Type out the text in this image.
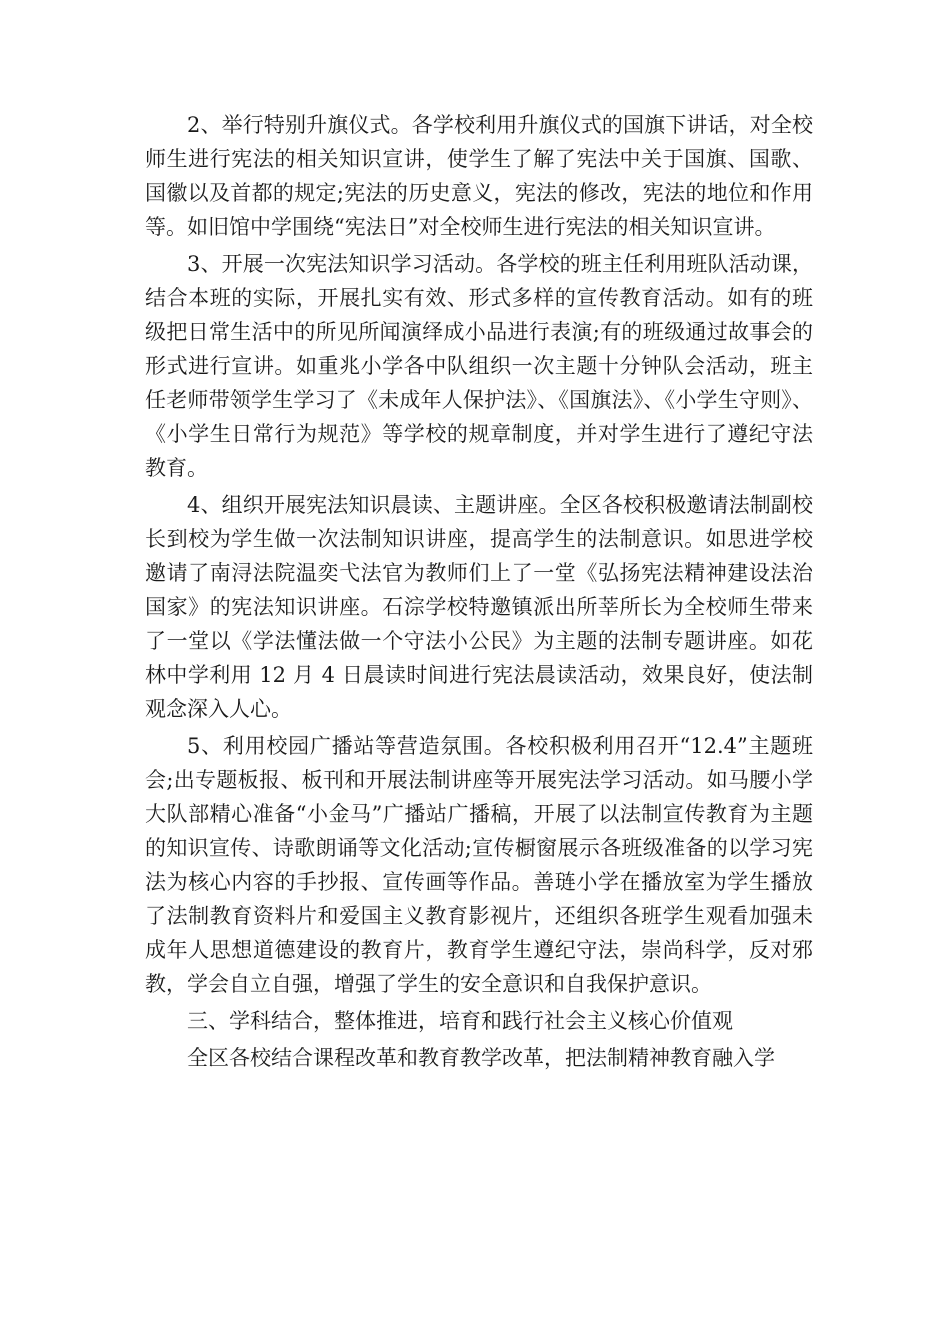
2、举行特别升旗仪式。各学校利用升旗仪式的国旗下讲话，对全校师生进行宪法的相关知识宣讲，使学生了解了宪法中关于国旗、国歌、国徽以及首都的规定;宪法的历史意义，宪法的修改，宪法的地位和作用等。如旧馆中学围绕“宪法日”对全校师生进行宪法的相关知识宣讲。

3、开展一次宪法知识学习活动。各学校的班主任利用班队活动课，结合本班的实际，开展扎实有效、形式多样的宣传教育活动。如有的班级把日常生活中的所见所闻演绎成小品进行表演;有的班级通过故事会的形式进行宣讲。如重兆小学各中队组织一次主题十分钟队会活动，班主任老师带领学生学习了《未成年人保护法》、《国旗法》、《小学生守则》、《小学生日常行为规范》等学校的规章制度，并对学生进行了遵纪守法教育。

4、组织开展宪法知识晨读、主题讲座。全区各校积极邀请法制副校长到校为学生做一次法制知识讲座，提高学生的法制意识。如思进学校邀请了南浔法院温奕弋法官为教师们上了一堂《弘扬宪法精神建设法治国家》的宪法知识讲座。石淙学校特邀镇派出所莘所长为全校师生带来了一堂以《学法懂法做一个守法小公民》为主题的法制专题讲座。如花林中学利用 12 月 4 日晨读时间进行宪法晨读活动，效果良好，使法制观念深入人心。

5、利用校园广播站等营造氛围。各校积极利用召开“12.4”主题班会;出专题板报、板刊和开展法制讲座等开展宪法学习活动。如马腰小学大队部精心准备“小金马”广播站广播稿，开展了以法制宣传教育为主题的知识宣传、诗歌朗诵等文化活动;宣传橱窗展示各班级准备的以学习宪法为核心内容的手抄报、宣传画等作品。善琏小学在播放室为学生播放了法制教育资料片和爱国主义教育影视片，还组织各班学生观看加强未成年人思想道德建设的教育片，教育学生遵纪守法，崇尚科学，反对邪教，学会自立自强，增强了学生的安全意识和自我保护意识。

三、学科结合，整体推进，培育和践行社会主义核心价值观

全区各校结合课程改革和教育教学改革，把法制精神教育融入学
